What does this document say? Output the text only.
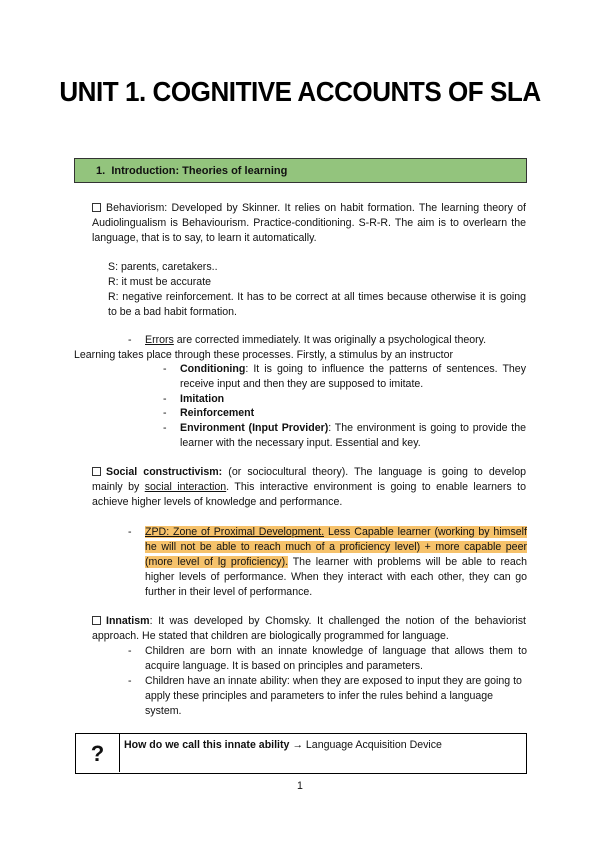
UNIT 1. COGNITIVE ACCOUNTS OF SLA
1. Introduction: Theories of learning
Behaviorism: Developed by Skinner. It relies on habit formation. The learning theory of Audiolingualism is Behaviourism. Practice-conditioning. S-R-R. The aim is to overlearn the language, that is to say, to learn it automatically.
S: parents, caretakers..
R: it must be accurate
R: negative reinforcement. It has to be correct at all times because otherwise it is going to be a bad habit formation.
- Errors are corrected immediately. It was originally a psychological theory.
Learning takes place through these processes. Firstly, a stimulus by an instructor
- Conditioning: It is going to influence the patterns of sentences. They receive input and then they are supposed to imitate.
- Imitation
- Reinforcement
- Environment (Input Provider): The environment is going to provide the learner with the necessary input. Essential and key.
Social constructivism: (or sociocultural theory). The language is going to develop mainly by social interaction. This interactive environment is going to enable learners to achieve higher levels of knowledge and performance.
- ZPD: Zone of Proximal Development. Less Capable learner (working by himself he will not be able to reach much of a proficiency level) + more capable peer (more level of lg proficiency). The learner with problems will be able to reach higher levels of performance. When they interact with each other, they can go further in their level of performance.
Innatism: It was developed by Chomsky. It challenged the notion of the behaviorist approach. He stated that children are biologically programmed for language.
- Children are born with an innate knowledge of language that allows them to acquire language. It is based on principles and parameters.
- Children have an innate ability: when they are exposed to input they are going to apply these principles and parameters to infer the rules behind a language system.
?	How do we call this innate ability → Language Acquisition Device
1
